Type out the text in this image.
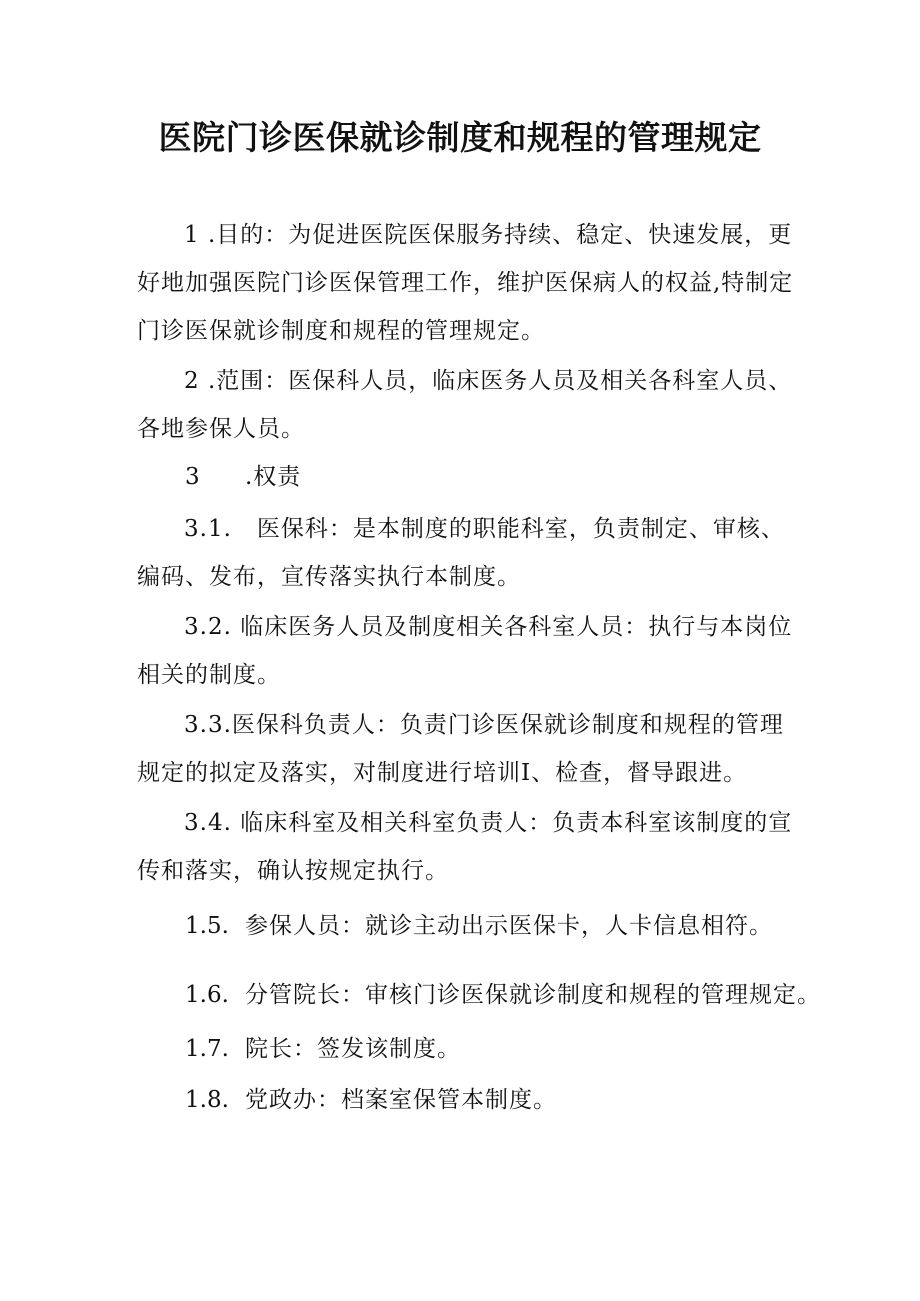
医院门诊医保就诊制度和规程的管理规定

1 .目的：为促进医院医保服务持续、稳定、快速发展，更好地加强医院门诊医保管理工作，维护医保病人的权益,特制定门诊医保就诊制度和规程的管理规定。

2 .范围：医保科人员，临床医务人员及相关各科室人员、各地参保人员。

3 .权责

3.1.   医保科：是本制度的职能科室，负责制定、审核、编码、发布，宣传落实执行本制度。

3.2. 临床医务人员及制度相关各科室人员：执行与本岗位相关的制度。

3.3.医保科负责人：负责门诊医保就诊制度和规程的管理规定的拟定及落实，对制度进行培训I、检查，督导跟进。

3.4. 临床科室及相关科室负责人：负责本科室该制度的宣传和落实，确认按规定执行。

1.5. 参保人员：就诊主动出示医保卡，人卡信息相符。
1.6. 分管院长：审核门诊医保就诊制度和规程的管理规定。
1.7. 院长：签发该制度。
1.8. 党政办：档案室保管本制度。
